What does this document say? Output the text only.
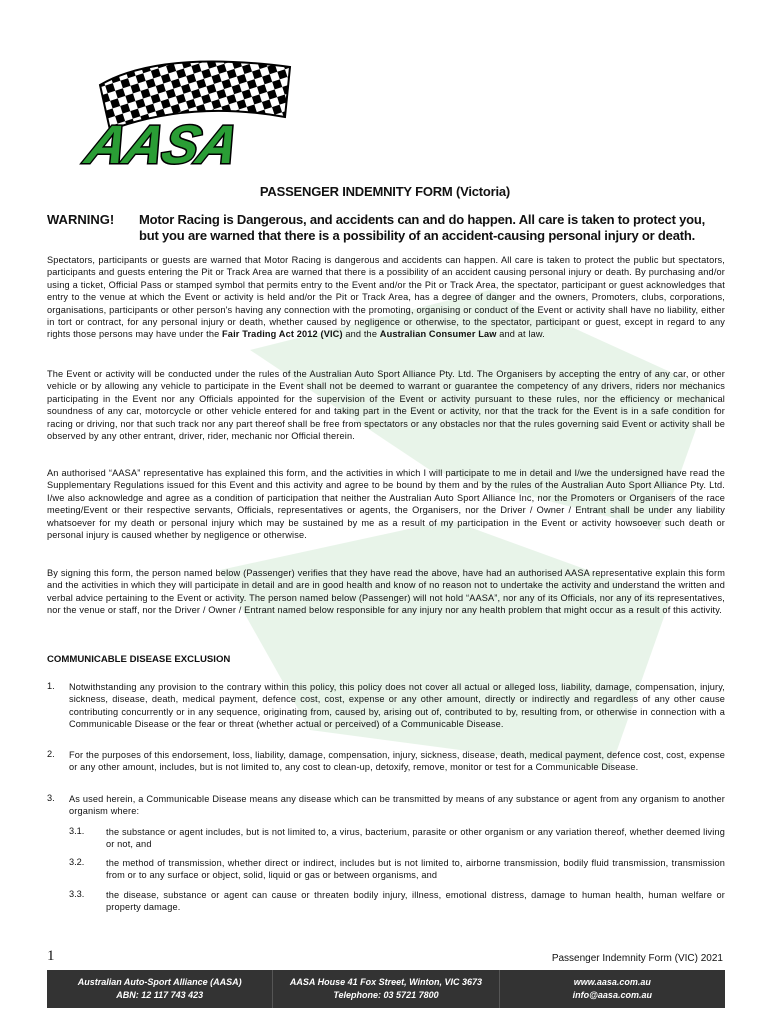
AASA
PASSENGER INDEMNITY FORM (Victoria)
WARNING! Motor Racing is Dangerous, and accidents can and do happen. All care is taken to protect you,
but you are warned that there is a possibility of an accident-causing personal injury or death.
Spectators, participants or guests are warned that Motor Racing is dangerous and accidents can happen. All care is taken to protect the public but spectators, participants and guests entering the Pit or Track Area are warned that there is a possibility of an accident causing personal injury or death. By purchasing and/or using a ticket, Official Pass or stamped symbol that permits entry to the Event and/or the Pit or Track Area, the spectator, participant or guest acknowledges that entry to the venue at which the Event or activity is held and/or the Pit or Track Area, has a degree of danger and the owners, Promoters, clubs, corporations, organisations, participants or other person's having any connection with the promoting, organising or conduct of the Event or activity shall have no liability, either in tort or contract, for any personal injury or death, whether caused by negligence or otherwise, to the spectator, participant or guest, except in regard to any rights those persons may have under the Fair Trading Act 2012 (VIC) and the Australian Consumer Law and at law.
The Event or activity will be conducted under the rules of the Australian Auto Sport Alliance Pty. Ltd. The Organisers by accepting the entry of any car, or other vehicle or by allowing any vehicle to participate in the Event shall not be deemed to warrant or guarantee the competency of any drivers, riders nor mechanics participating in the Event nor any Officials appointed for the supervision of the Event or activity pursuant to these rules, nor the efficiency or mechanical soundness of any car, motorcycle or other vehicle entered for and taking part in the Event or activity, nor that the track for the Event is in a safe condition for racing or driving, nor that such track nor any part thereof shall be free from spectators or any obstacles nor that the rules governing said Event or activity shall be observed by any other entrant, driver, rider, mechanic nor Official therein.
An authorised “AASA” representative has explained this form, and the activities in which I will participate to me in detail and I/we the undersigned have read the Supplementary Regulations issued for this Event and this activity and agree to be bound by them and by the rules of the Australian Auto Sport Alliance Pty. Ltd. I/we also acknowledge and agree as a condition of participation that neither the Australian Auto Sport Alliance Inc, nor the Promoters or Organisers of the race meeting/Event or their respective servants, Officials, representatives or agents, the Organisers, nor the Driver / Owner / Entrant shall be under any liability whatsoever for my death or personal injury which may be sustained by me as a result of my participation in the Event or activity howsoever such death or personal injury is caused whether by negligence or otherwise.
By signing this form, the person named below (Passenger) verifies that they have read the above, have had an authorised AASA representative explain this form and the activities in which they will participate in detail and are in good health and know of no reason not to undertake the activity and understand the written and verbal advice pertaining to the Event or activity. The person named below (Passenger) will not hold “AASA”, nor any of its Officials, nor any of its representatives, nor the venue or staff, nor the Driver / Owner / Entrant named below responsible for any injury nor any health problem that might occur as a result of this activity.
COMMUNICABLE DISEASE EXCLUSION
1. Notwithstanding any provision to the contrary within this policy, this policy does not cover all actual or alleged loss, liability, damage, compensation, injury, sickness, disease, death, medical payment, defence cost, cost, expense or any other amount, directly or indirectly and regardless of any other cause contributing concurrently or in any sequence, originating from, caused by, arising out of, contributed to by, resulting from, or otherwise in connection with a Communicable Disease or the fear or threat (whether actual or perceived) of a Communicable Disease.
2. For the purposes of this endorsement, loss, liability, damage, compensation, injury, sickness, disease, death, medical payment, defence cost, cost, expense or any other amount, includes, but is not limited to, any cost to clean-up, detoxify, remove, monitor or test for a Communicable Disease.
3. As used herein, a Communicable Disease means any disease which can be transmitted by means of any substance or agent from any organism to another organism where:
3.1. the substance or agent includes, but is not limited to, a virus, bacterium, parasite or other organism or any variation thereof, whether deemed living or not, and
3.2. the method of transmission, whether direct or indirect, includes but is not limited to, airborne transmission, bodily fluid transmission, transmission from or to any surface or object, solid, liquid or gas or between organisms, and
3.3. the disease, substance or agent can cause or threaten bodily injury, illness, emotional distress, damage to human health, human welfare or property damage.
1	Passenger Indemnity Form (VIC) 2021
Australian Auto-Sport Alliance (AASA)
ABN: 12 117 743 423
AASA House 41 Fox Street, Winton, VIC 3673
Telephone: 03 5721 7800
www.aasa.com.au
info@aasa.com.au
